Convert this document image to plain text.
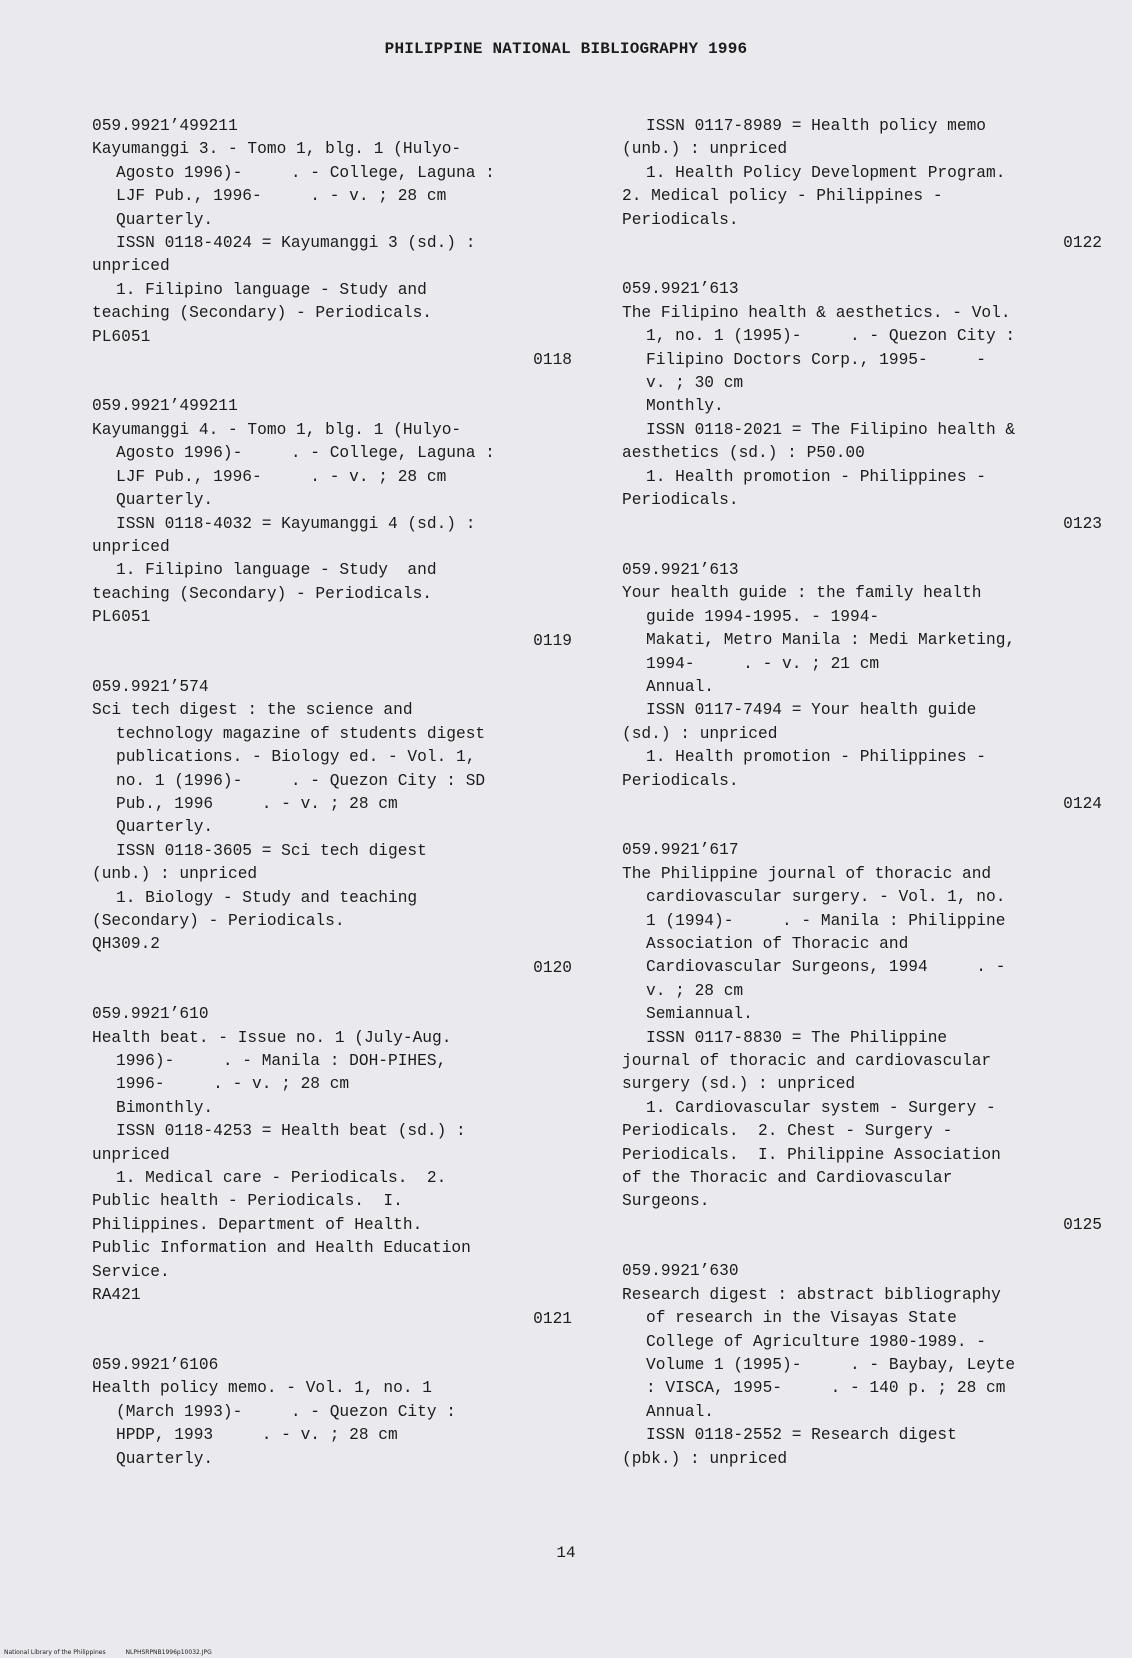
PHILIPPINE NATIONAL BIBLIOGRAPHY 1996
059.9921’499211
Kayumanggi 3. - Tomo 1, blg. 1 (Hulyo-
Agosto 1996)-     . - College, Laguna :
LJF Pub., 1996-     . - v. ; 28 cm
Quarterly.
ISSN 0118-4024 = Kayumanggi 3 (sd.) :
unpriced
1. Filipino language - Study and
teaching (Secondary) - Periodicals.
PL6051
0118
059.9921’499211
Kayumanggi 4. - Tomo 1, blg. 1 (Hulyo-
Agosto 1996)-     . - College, Laguna :
LJF Pub., 1996-     . - v. ; 28 cm
Quarterly.
ISSN 0118-4032 = Kayumanggi 4 (sd.) :
unpriced
1. Filipino language - Study  and
teaching (Secondary) - Periodicals.
PL6051
0119
059.9921’574
Sci tech digest : the science and
technology magazine of students digest
publications. - Biology ed. - Vol. 1,
no. 1 (1996)-     . - Quezon City : SD
Pub., 1996     . - v. ; 28 cm
Quarterly.
ISSN 0118-3605 = Sci tech digest
(unb.) : unpriced
1. Biology - Study and teaching
(Secondary) - Periodicals.
QH309.2
0120
059.9921’610
Health beat. - Issue no. 1 (July-Aug.
1996)-     . - Manila : DOH-PIHES,
1996-     . - v. ; 28 cm
Bimonthly.
ISSN 0118-4253 = Health beat (sd.) :
unpriced
1. Medical care - Periodicals.  2.
Public health - Periodicals.  I.
Philippines. Department of Health.
Public Information and Health Education
Service.
RA421
0121
059.9921’6106
Health policy memo. - Vol. 1, no. 1
(March 1993)-     . - Quezon City :
HPDP, 1993     . - v. ; 28 cm
Quarterly.
ISSN 0117-8989 = Health policy memo
(unb.) : unpriced
1. Health Policy Development Program.
2. Medical policy - Philippines -
Periodicals.
0122
059.9921’613
The Filipino health & aesthetics. - Vol.
1, no. 1 (1995)-     . - Quezon City :
Filipino Doctors Corp., 1995-     -
v. ; 30 cm
Monthly.
ISSN 0118-2021 = The Filipino health &
aesthetics (sd.) : P50.00
1. Health promotion - Philippines -
Periodicals.
0123
059.9921’613
Your health guide : the family health
guide 1994-1995. - 1994-
Makati, Metro Manila : Medi Marketing,
1994-     . - v. ; 21 cm
Annual.
ISSN 0117-7494 = Your health guide
(sd.) : unpriced
1. Health promotion - Philippines -
Periodicals.
0124
059.9921’617
The Philippine journal of thoracic and
cardiovascular surgery. - Vol. 1, no.
1 (1994)-     . - Manila : Philippine
Association of Thoracic and
Cardiovascular Surgeons, 1994     . -
v. ; 28 cm
Semiannual.
ISSN 0117-8830 = The Philippine
journal of thoracic and cardiovascular
surgery (sd.) : unpriced
1. Cardiovascular system - Surgery -
Periodicals.  2. Chest - Surgery -
Periodicals.  I. Philippine Association
of the Thoracic and Cardiovascular
Surgeons.
0125
059.9921’630
Research digest : abstract bibliography
of research in the Visayas State
College of Agriculture 1980-1989. -
Volume 1 (1995)-     . - Baybay, Leyte
: VISCA, 1995-     . - 140 p. ; 28 cm
Annual.
ISSN 0118-2552 = Research digest
(pbk.) : unpriced
14
National Library of the Philippines	NLPHSRPNB1996p10032.JPG
